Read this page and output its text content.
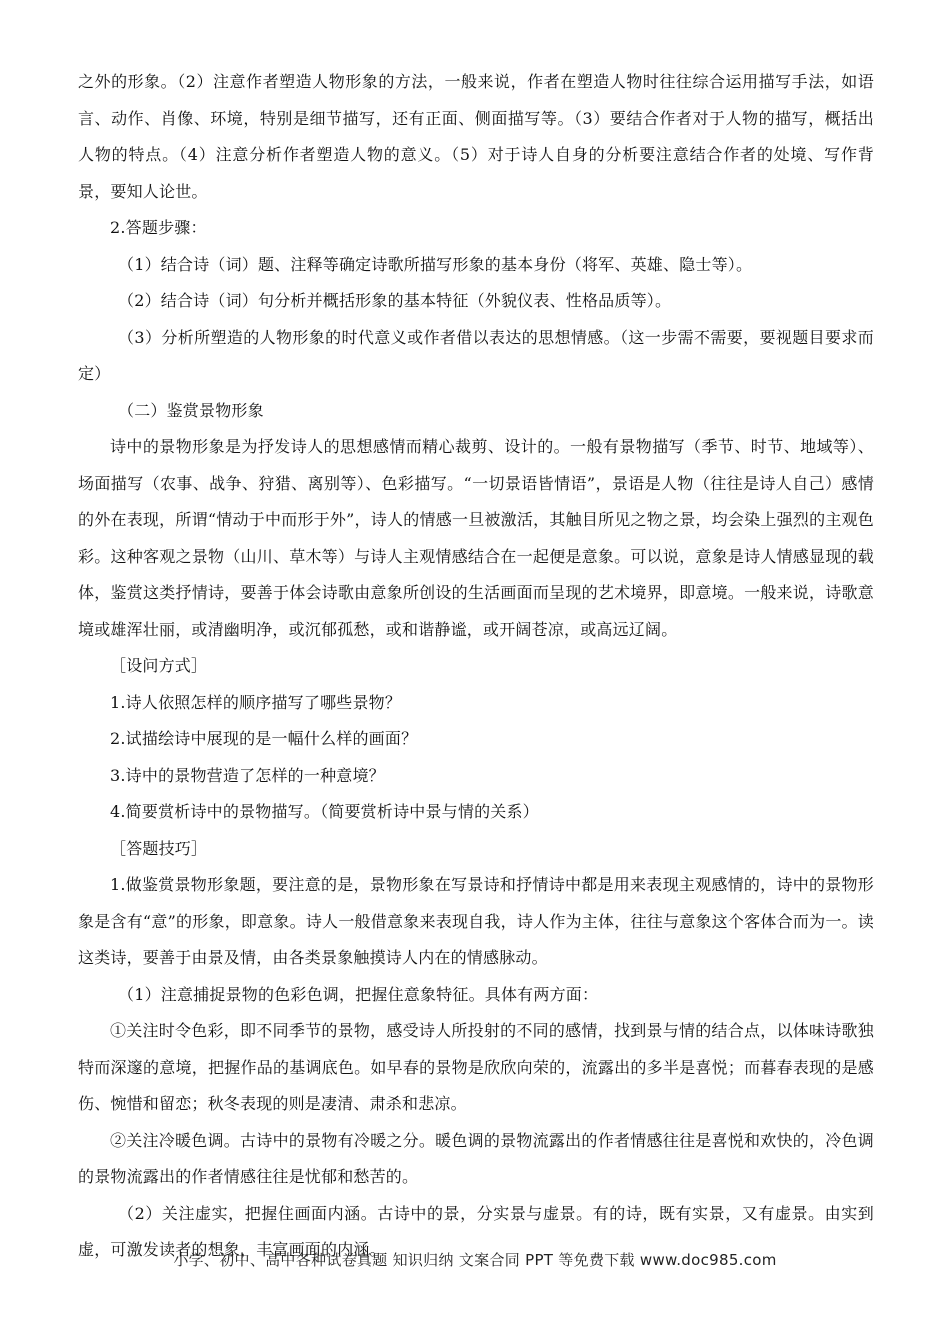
之外的形象。（2）注意作者塑造人物形象的方法，一般来说，作者在塑造人物时往往综合运用描写手法，如语言、动作、肖像、环境，特别是细节描写，还有正面、侧面描写等。（3）要结合作者对于人物的描写，概括出人物的特点。（4）注意分析作者塑造人物的意义。（5）对于诗人自身的分析要注意结合作者的处境、写作背景，要知人论世。

2.答题步骤：

（1）结合诗（词）题、注释等确定诗歌所描写形象的基本身份（将军、英雄、隐士等）。

（2）结合诗（词）句分析并概括形象的基本特征（外貌仪表、性格品质等）。

（3）分析所塑造的人物形象的时代意义或作者借以表达的思想情感。（这一步需不需要，要视题目要求而定）

（二）鉴赏景物形象

诗中的景物形象是为抒发诗人的思想感情而精心裁剪、设计的。一般有景物描写（季节、时节、地域等）、场面描写（农事、战争、狩猎、离别等）、色彩描写。“一切景语皆情语”，景语是人物（往往是诗人自己）感情的外在表现，所谓“情动于中而形于外”，诗人的情感一旦被激活，其触目所见之物之景，均会染上强烈的主观色彩。这种客观之景物（山川、草木等）与诗人主观情感结合在一起便是意象。可以说，意象是诗人情感显现的载体，鉴赏这类抒情诗，要善于体会诗歌由意象所创设的生活画面而呈现的艺术境界，即意境。一般来说，诗歌意境或雄浑壮丽，或清幽明净，或沉郁孤愁，或和谐静谧，或开阔苍凉，或高远辽阔。

［设问方式］

1.诗人依照怎样的顺序描写了哪些景物？

2.试描绘诗中展现的是一幅什么样的画面？

3.诗中的景物营造了怎样的一种意境？

4.简要赏析诗中的景物描写。（简要赏析诗中景与情的关系）

［答题技巧］

1.做鉴赏景物形象题，要注意的是，景物形象在写景诗和抒情诗中都是用来表现主观感情的，诗中的景物形象是含有“意”的形象，即意象。诗人一般借意象来表现自我，诗人作为主体，往往与意象这个客体合而为一。读这类诗，要善于由景及情，由各类景象触摸诗人内在的情感脉动。

（1）注意捕捉景物的色彩色调，把握住意象特征。具体有两方面：

①关注时令色彩，即不同季节的景物，感受诗人所投射的不同的感情，找到景与情的结合点，以体味诗歌独特而深邃的意境，把握作品的基调底色。如早春的景物是欣欣向荣的，流露出的多半是喜悦；而暮春表现的是感伤、惋惜和留恋；秋冬表现的则是凄清、肃杀和悲凉。

②关注冷暖色调。古诗中的景物有冷暖之分。暖色调的景物流露出的作者情感往往是喜悦和欢快的，冷色调的景物流露出的作者情感往往是忧郁和愁苦的。

（2）关注虚实，把握住画面内涵。古诗中的景，分实景与虚景。有的诗，既有实景，又有虚景。由实到虚，可激发读者的想象，丰富画面的内涵。

小学、初中、高中各种试卷真题 知识归纳 文案合同 PPT 等免费下载 www.doc985.com
